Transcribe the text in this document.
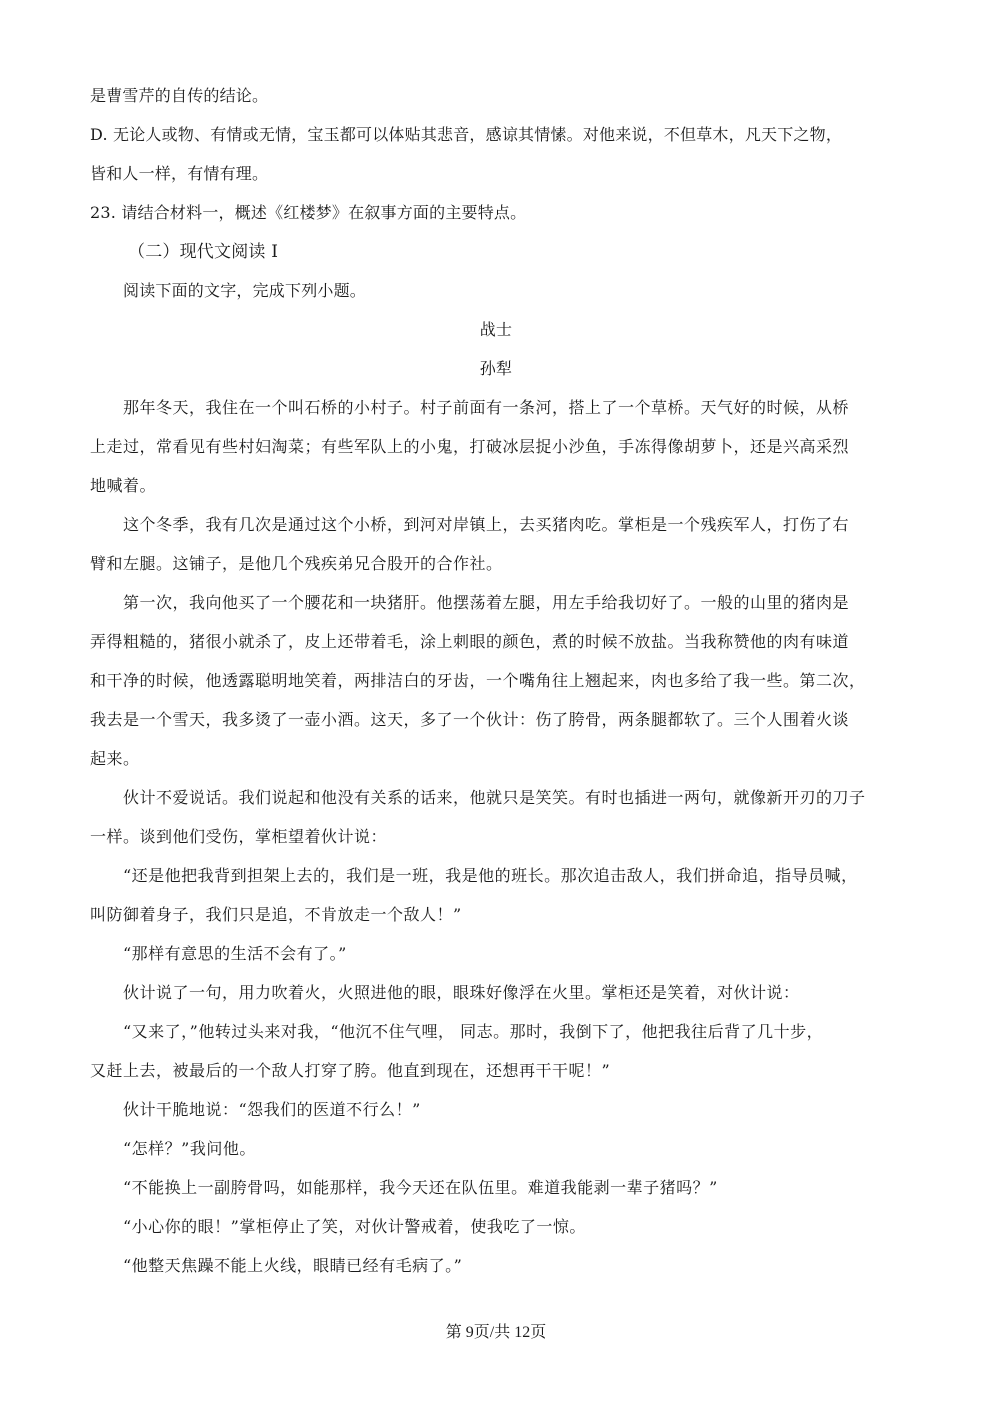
是曹雪芹的自传的结论。
D. 无论人或物、有情或无情，宝玉都可以体贴其悲音，感谅其情愫。对他来说，不但草木，凡天下之物，
皆和人一样，有情有理。
23. 请结合材料一，概述《红楼梦》在叙事方面的主要特点。
（二）现代文阅读 I
阅读下面的文字，完成下列小题。
战士
孙犁
那年冬天，我住在一个叫石桥的小村子。村子前面有一条河，搭上了一个草桥。天气好的时候，从桥
上走过，常看见有些村妇淘菜；有些军队上的小鬼，打破冰层捉小沙鱼，手冻得像胡萝卜，还是兴高采烈
地喊着。
这个冬季，我有几次是通过这个小桥，到河对岸镇上，去买猪肉吃。掌柜是一个残疾军人，打伤了右
臂和左腿。这铺子，是他几个残疾弟兄合股开的合作社。
第一次，我向他买了一个腰花和一块猪肝。他摆荡着左腿，用左手给我切好了。一般的山里的猪肉是
弄得粗糙的，猪很小就杀了，皮上还带着毛，涂上刺眼的颜色，煮的时候不放盐。当我称赞他的肉有味道
和干净的时候，他透露聪明地笑着，两排洁白的牙齿，一个嘴角往上翘起来，肉也多给了我一些。第二次，
我去是一个雪天，我多烫了一壶小酒。这天，多了一个伙计：伤了胯骨，两条腿都软了。三个人围着火谈
起来。
伙计不爱说话。我们说起和他没有关系的话来，他就只是笑笑。有时也插进一两句，就像新开刃的刀子
一样。谈到他们受伤，掌柜望着伙计说：
“还是他把我背到担架上去的，我们是一班，我是他的班长。那次追击敌人，我们拼命追，指导员喊，
叫防御着身子，我们只是追，不肯放走一个敌人！”
“那样有意思的生活不会有了。”
伙计说了一句，用力吹着火，火照进他的眼，眼珠好像浮在火里。掌柜还是笑着，对伙计说：
“又来了，”他转过头来对我，“他沉不住气哩， 同志。那时，我倒下了，他把我往后背了几十步，
又赶上去，被最后的一个敌人打穿了胯。他直到现在，还想再干干呢！”
伙计干脆地说：“怨我们的医道不行么！”
“怎样？”我问他。
“不能换上一副胯骨吗，如能那样，我今天还在队伍里。难道我能剥一辈子猪吗？”
“小心你的眼！”掌柜停止了笑，对伙计警戒着，使我吃了一惊。
“他整天焦躁不能上火线，眼睛已经有毛病了。”
第 9页/共 12页
